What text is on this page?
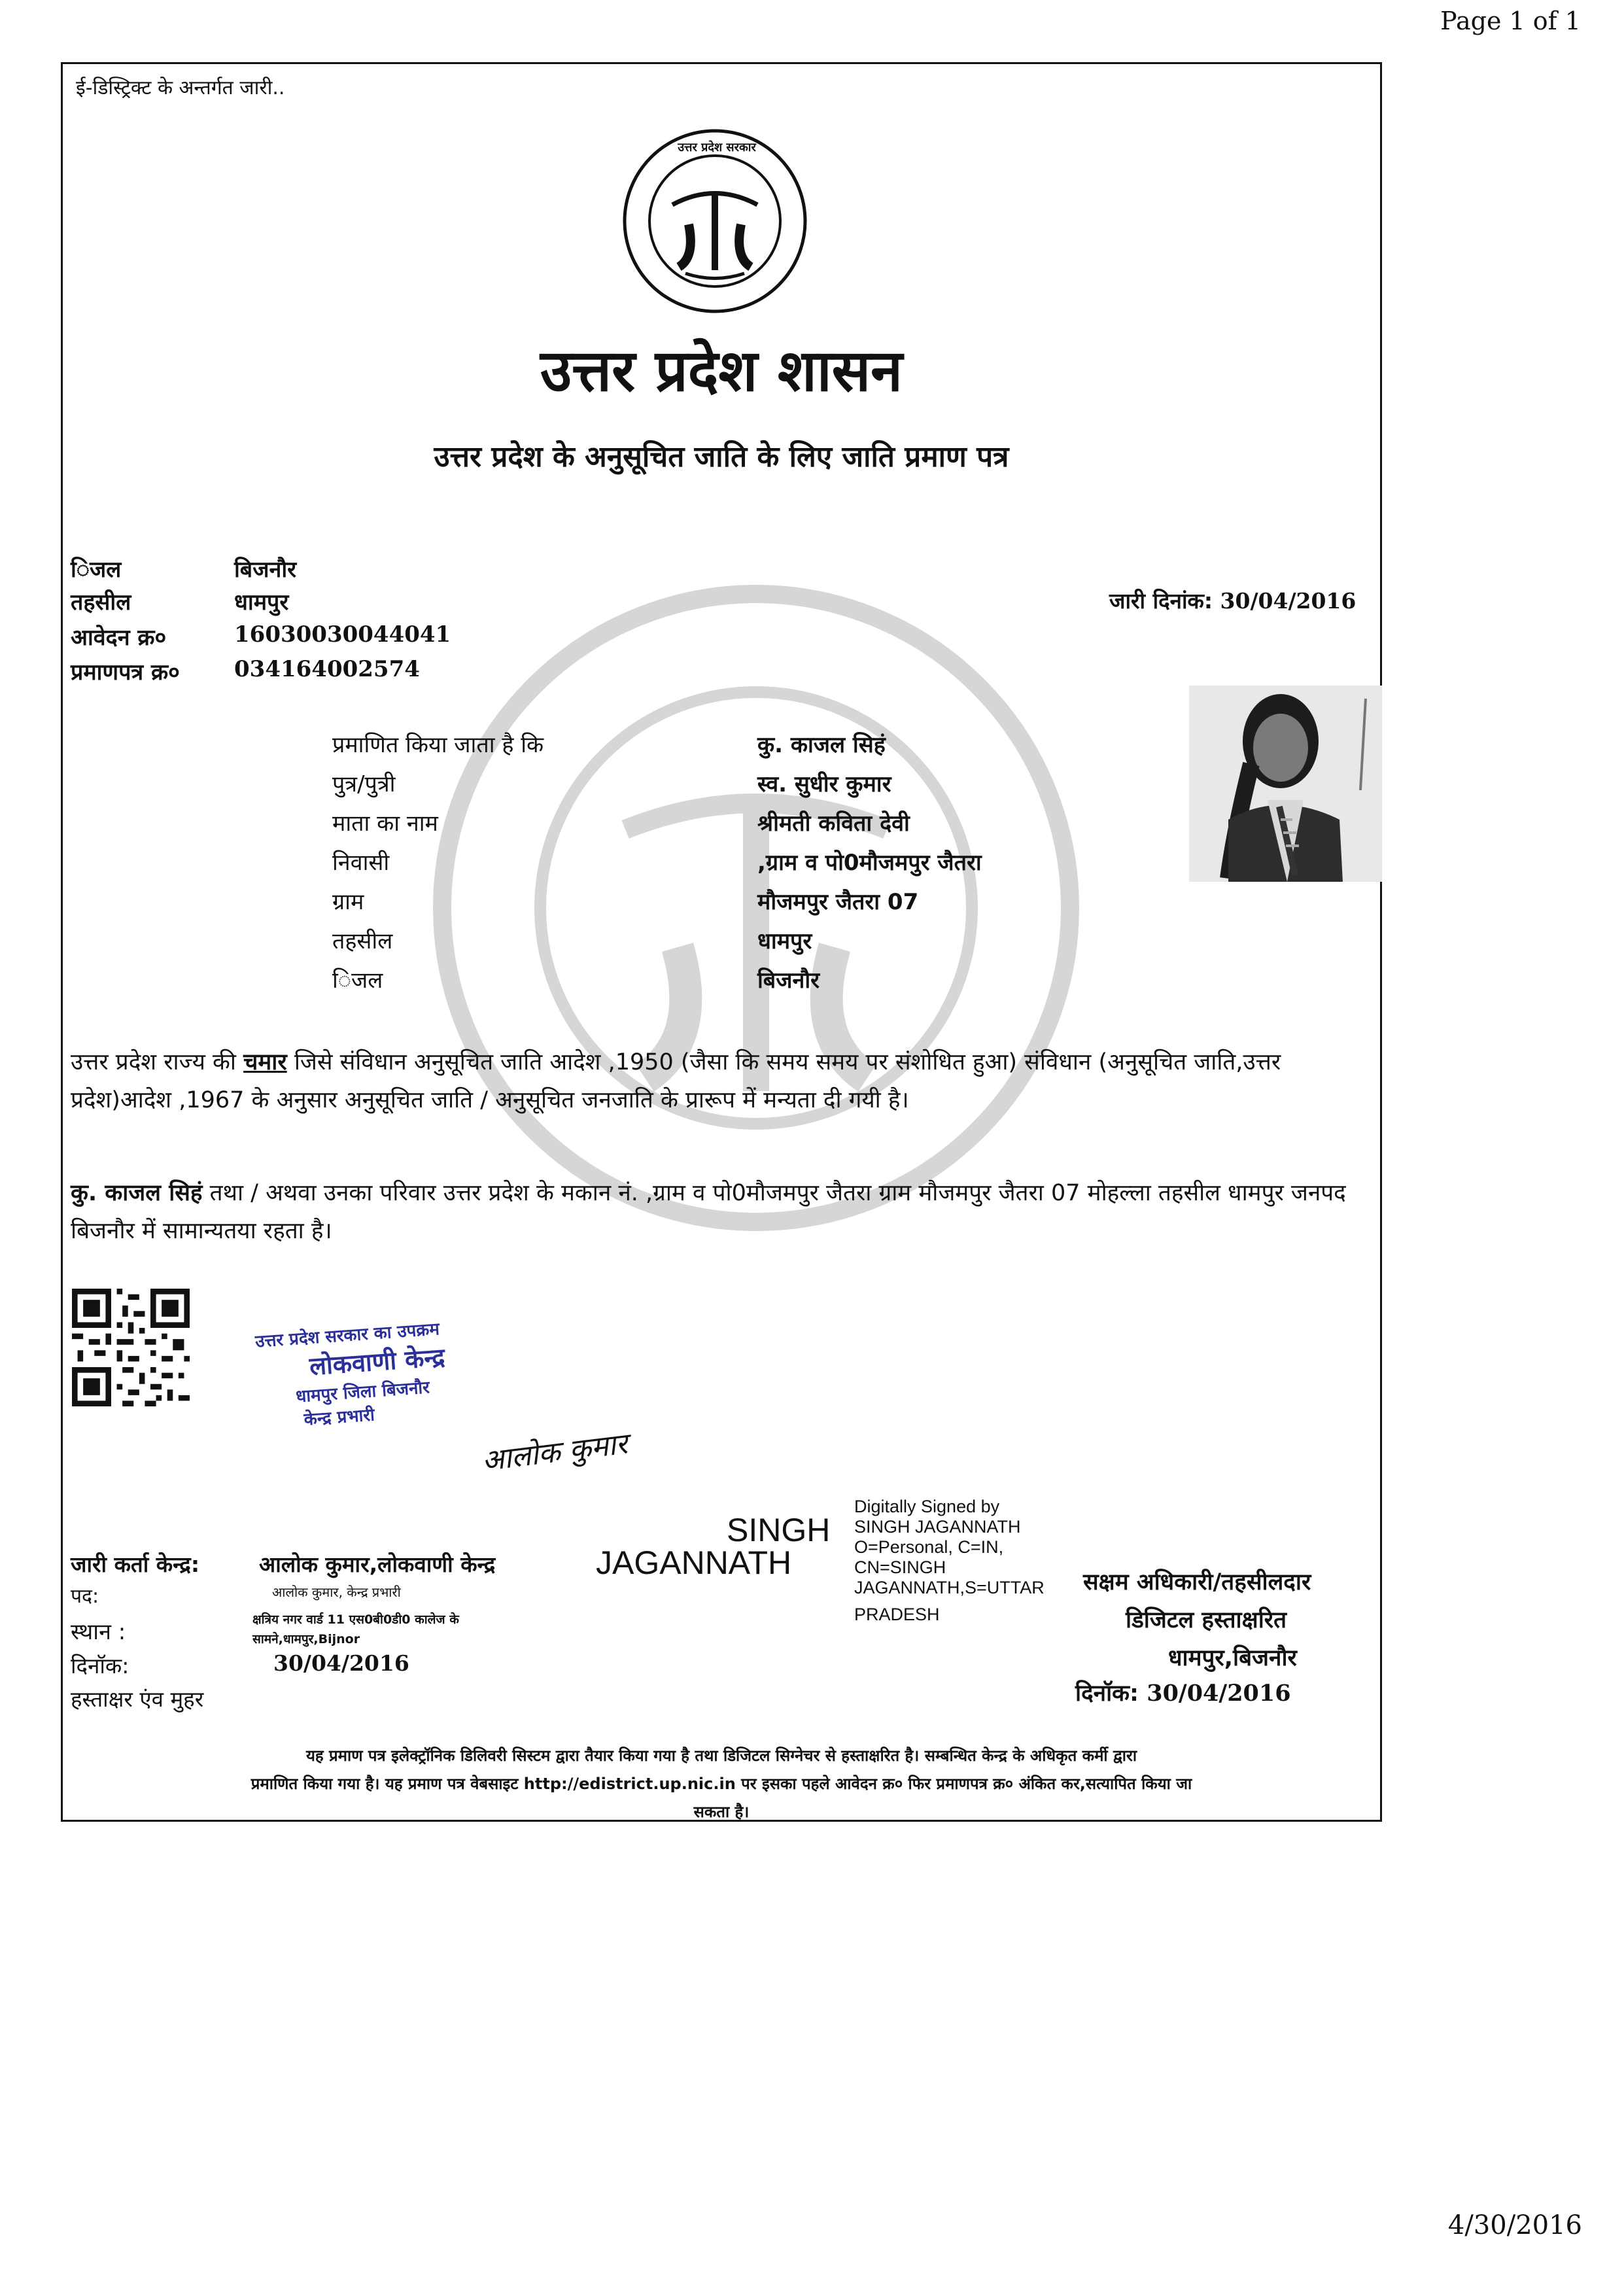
Page 1 of 1
ई-डिस्ट्रिक्ट के अन्तर्गत जारी..
उत्तर प्रदेश सरकार
उत्तर प्रदेश शासन
उत्तर प्रदेश के अनुसूचित जाति के लिए जाति प्रमाण पत्र
िजल	बिजनौर
तहसील	धामपुर
आवेदन क्र०	16030030044041
प्रमाणपत्र क्र० 034164002574
जारी दिनांक: 30/04/2016
प्रमाणित किया जाता है कि	कु. काजल सिहं
पुत्र/पुत्री	स्व. सुधीर कुमार
माता का नाम	श्रीमती कविता देवी
निवासी	,ग्राम व पो0मौजमपुर जैतरा
ग्राम	मौजमपुर जैतरा 07
तहसील	धामपुर
िजल	बिजनौर
उत्तर प्रदेश राज्य की चमार जिसे संविधान अनुसूचित जाति आदेश ,1950 (जैसा कि समय समय पर संशोधित हुआ) संविधान (अनुसूचित जाति,उत्तर प्रदेश)आदेश ,1967 के अनुसार अनुसूचित जाति / अनुसूचित जनजाति के प्रारूप में मन्यता दी गयी है।
कु. काजल सिहं तथा / अथवा उनका परिवार उत्तर प्रदेश के मकान नं. ,ग्राम व पो0मौजमपुर जैतरा ग्राम मौजमपुर जैतरा 07 मोहल्ला तहसील धामपुर जनपद बिजनौर में सामान्यतया रहता है।
उत्तर प्रदेश सरकार का उपक्रम
लोकवाणी केन्द्र
धामपुर जिला बिजनौर
केन्द्र प्रभारी
आलोक कुमार
जारी कर्ता केन्द्र:	आलोक कुमार,लोकवाणी केन्द्र
पद:	आलोक कुमार, केन्द्र प्रभारी
स्थान :	क्षत्रिय नगर वार्ड 11 एस0बी0डी0 कालेज के
सामने,धामपुर,Bijnor
दिनॉक:	30/04/2016
हस्ताक्षर एंव मुहर
SINGH
JAGANNATH
Digitally Signed by
SINGH JAGANNATH
O=Personal, C=IN,
CN=SINGH
JAGANNATH,S=UTTAR
PRADESH
सक्षम अधिकारी/तहसीलदार
डिजिटल हस्ताक्षरित
धामपुर,बिजनौर
दिनॉक: 30/04/2016
यह प्रमाण पत्र इलेक्ट्रॉनिक डिलिवरी सिस्टम द्वारा तैयार किया गया है तथा डिजिटल सिग्नेचर से हस्ताक्षरित है। सम्बन्धित केन्द्र के अधिकृत कर्मी द्वारा
प्रमाणित किया गया है। यह प्रमाण पत्र वेबसाइट http://edistrict.up.nic.in पर इसका पहले आवेदन क्र० फिर प्रमाणपत्र क्र० अंकित कर,सत्यापित किया जा
सकता है।
4/30/2016
